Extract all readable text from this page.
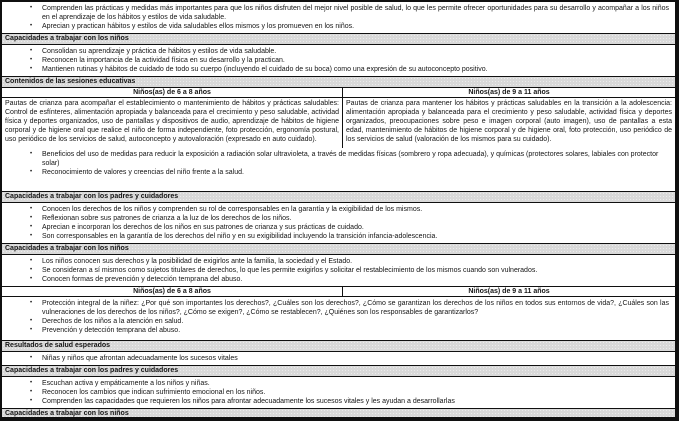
•	Comprenden las prácticas y medidas más importantes para que los niños disfruten del mejor nivel posible de salud, lo que les permite ofrecer oportunidades para su desarrollo y acompañar a los niños en el aprendizaje de los hábitos y estilos de vida saludable.
•	Aprecian y practican hábitos y estilos de vida saludables ellos mismos y los promueven en los niños.
Capacidades a trabajar con los niños
•	Consolidan su aprendizaje y práctica de hábitos y estilos de vida saludable.
•	Reconocen la importancia de la actividad física en su desarrollo y la practican.
•	Mantienen rutinas y hábitos de cuidado de todo su cuerpo (incluyendo el cuidado de su boca) como una expresión de su autoconcepto positivo.
Contenidos de las sesiones educativas
Niños(as) de 6 a 8 años	Niños(as) de 9 a 11 años
Pautas de crianza para acompañar el establecimiento o mantenimiento de hábitos y prácticas saludables: Control de esfínteres, alimentación apropiada y balanceada para el crecimiento y peso saludable, actividad física y deportes organizados, uso de pantallas y dispositivos de audio, aprendizaje de hábitos de higiene corporal y de higiene oral que realice el niño de forma independiente, foto protección, ergonomía postural, uso periódico de los servicios de salud, autoconcepto y autovaloración (expresado en auto cuidado).
Pautas de crianza para mantener los hábitos y prácticas saludables en la transición a la adolescencia: alimentación apropiada y balanceada para el crecimiento y peso saludable, actividad física y deportes organizados, preocupaciones sobre peso e imagen corporal (auto imagen), uso de pantallas a esta edad, mantenimiento de hábitos de higiene corporal y de higiene oral, foto protección, uso periódico de los servicios de salud (valoración de los mismos para su cuidado).
•	Beneficios del uso de medidas para reducir la exposición a radiación solar ultravioleta, a través de medidas físicas (sombrero y ropa adecuada), y químicas (protectores solares, labiales con protector solar)
•	Reconocimiento de valores y creencias del niño frente a la salud.
Capacidades a trabajar con los padres y cuidadores
•	Conocen los derechos de los niños y comprenden su rol de corresponsables en la garantía y la exigibilidad de los mismos.
•	Reflexionan sobre sus patrones de crianza a la luz de los derechos de los niños.
•	Aprecian e incorporan los derechos de los niños en sus patrones de crianza y sus prácticas de cuidado.
•	Son corresponsables en la garantía de los derechos del niño y en su exigibilidad incluyendo la transición infancia-adolescencia.
Capacidades a trabajar con los niños
•	Los niños conocen sus derechos y la posibilidad de exigirlos ante la familia, la sociedad y el Estado.
•	Se consideran a sí mismos como sujetos titulares de derechos, lo que les permite exigirlos y solicitar el restablecimiento de los mismos cuando son vulnerados.
•	Conocen formas de prevención y detección temprana del abuso.
Niños(as) de 6 a 8 años	Niños(as) de 9 a 11 años
•	Protección integral de la niñez: ¿Por qué son importantes los derechos?, ¿Cuáles son los derechos?, ¿Cómo se garantizan los derechos de los niños en todos sus entornos de vida?, ¿Cuáles son las vulneraciones de los derechos de los niños?, ¿Cómo se exigen?, ¿Cómo se restablecen?, ¿Quiénes son los responsables de garantizarlos?
•	Derechos de los niños a la atención en salud.
•	Prevención y detección temprana del abuso.
Resultados de salud esperados
•	Niñas y niños que afrontan adecuadamente los sucesos vitales
Capacidades a trabajar con los padres y cuidadores
•	Escuchan activa y empáticamente a los niños y niñas.
•	Reconocen los cambios que indican sufrimiento emocional en los niños.
•	Comprenden las capacidades que requieren los niños para afrontar adecuadamente los sucesos vitales y les ayudan a desarrollarlas
Capacidades a trabajar con los niños
